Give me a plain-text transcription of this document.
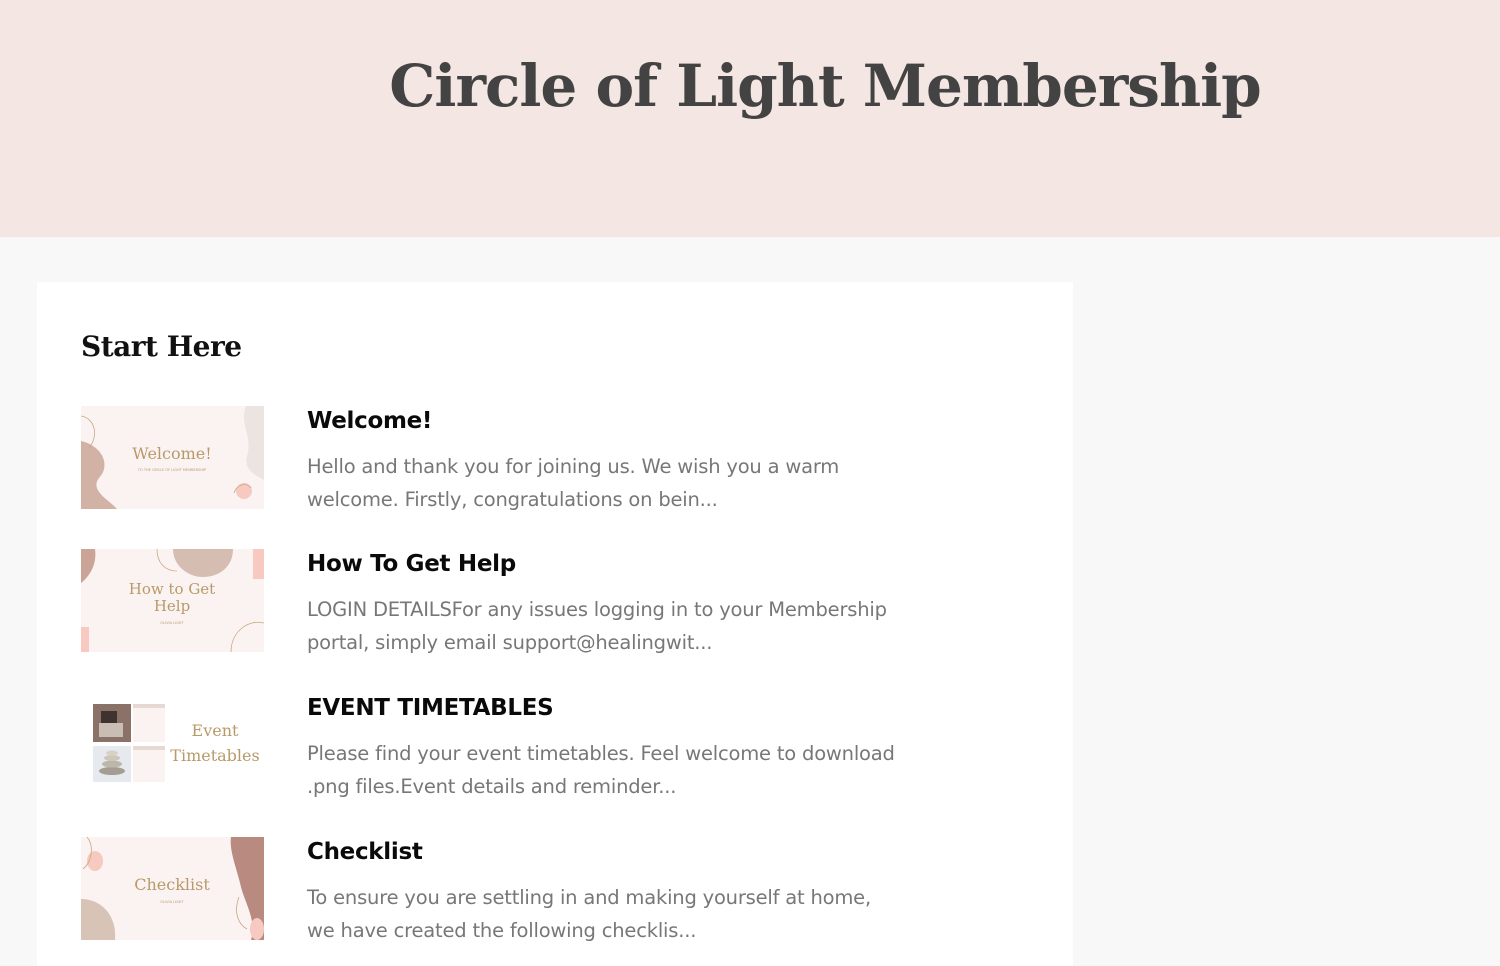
Circle of Light Membership
Start Here
Welcome!
TO THE CIRCLE OF LIGHT MEMBERSHIP
Welcome!
Hello and thank you for joining us. We wish you a warm welcome. Firstly, congratulations on bein...
How to Get
Help
OLIVIA LIGHT
How To Get Help
LOGIN DETAILSFor any issues logging in to your Membership portal, simply email support@healingwit...
Event
Timetables
EVENT TIMETABLES
Please find your event timetables. Feel welcome to download .png files.Event details and reminder...
Checklist
OLIVIA LIGHT
Checklist
To ensure you are settling in and making yourself at home, we have created the following checklis...
